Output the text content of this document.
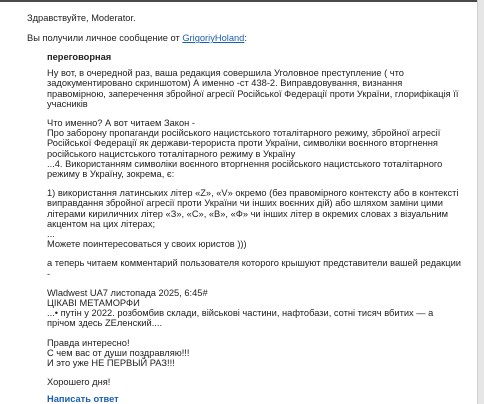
Здравствуйте, Moderator.
Вы получили личное сообщение от GrigoriyHoland:
переговорная

Ну вот, в очередной раз, ваша редакция совершила Уголовное преступление ( что задокументировано скриншотом) А именно -ст 438-2. Виправдовування, визнання правомірною, заперечення збройної агресії Російської Федерації проти України, глорифікація її учасників

Что именно? А вот читаем Закон -
Про заборону пропаганди російського нацистського тоталітарного режиму, збройної агресії Російської Федерації як держави-терориста проти України, символіки воєнного вторгнення російського нацистського тоталітарного режиму в Україну
...4. Використанням символіки воєнного вторгнення російського нацистського тоталітарного режиму в Україну, зокрема, є:

1) використання латинських літер «Z», «V» окремо (без правомірного контексту або в контексті виправдання збройної агресії проти України чи інших воєнних дій) або шляхом заміни цими літерами кириличних літер «З», «С», «В», «Ф» чи інших літер в окремих словах з візуальним акцентом на цих літерах;
...
Можете поинтересоваться у своих юристов )))

а теперь читаем комментарий пользователя которого крышуют представители вашей редакции -

Wladwest UA7 листопада 2025, 6:45#
ЦІКАВІ МЕТАМОРФИ
...• путін у 2022. розбомбив склади, військові частини, нафтобази, сотні тисяч вбитих — а прічом здесь ZEленский....

Правда интересно!
С чем вас от души поздравляю!!!
И это уже НЕ ПЕРВЫЙ РАЗ!!!

Хорошего дня!

Написать ответ
